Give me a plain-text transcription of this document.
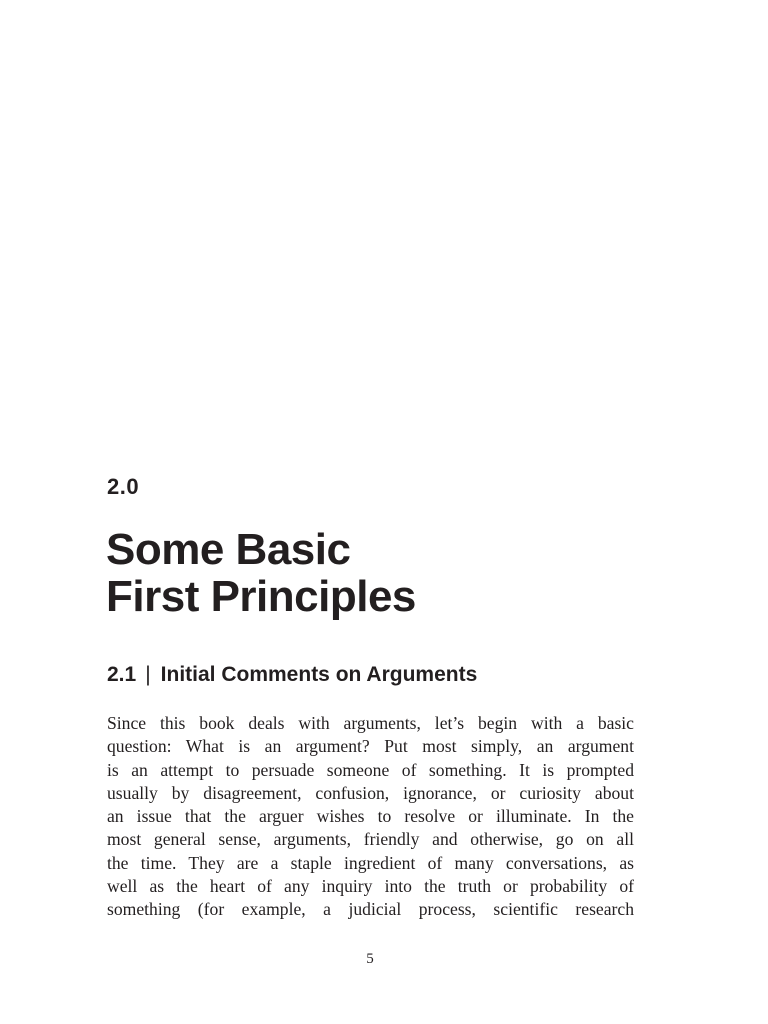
2.0
Some Basic
First Principles
2.1 | Initial Comments on Arguments

Since this book deals with arguments, let’s begin with a basic
question: What is an argument? Put most simply, an argument
is an attempt to persuade someone of something. It is prompted
usually by disagreement, confusion, ignorance, or curiosity about
an issue that the arguer wishes to resolve or illuminate. In the
most general sense, arguments, friendly and otherwise, go on all
the time. They are a staple ingredient of many conversations, as
well as the heart of any inquiry into the truth or probability of
something (for example, a judicial process, scientific research

5
